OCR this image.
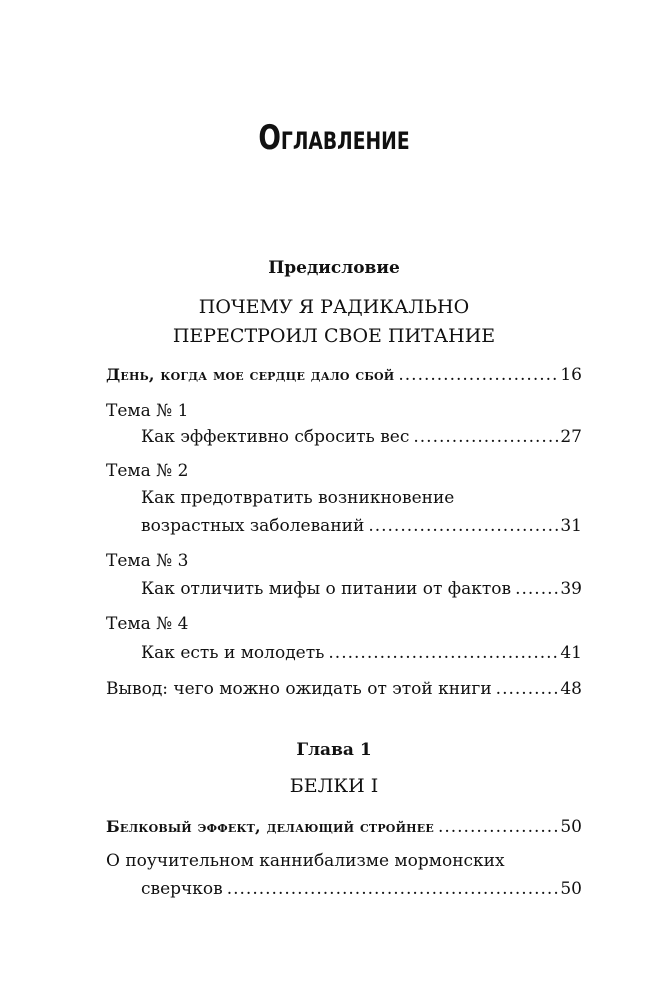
Оглавление
Предисловие
ПОЧЕМУ Я РАДИКАЛЬНО
ПЕРЕСТРОИЛ СВОЕ ПИТАНИЕ
День, когда мое сердце дало сбой .....	16
Тема № 1
Как эффективно сбросить вес .....	27
Тема № 2
Как предотвратить возникновение
возрастных заболеваний .....	31
Тема № 3
Как отличить мифы о питании от фактов .....	39
Тема № 4
Как есть и молодеть .....	41
Вывод: чего можно ожидать от этой книги .....	48
Глава 1
БЕЛКИ I
Белковый эффект, делающий стройнее .....	50
О поучительном каннибализме мормонских
сверчков .....	50
